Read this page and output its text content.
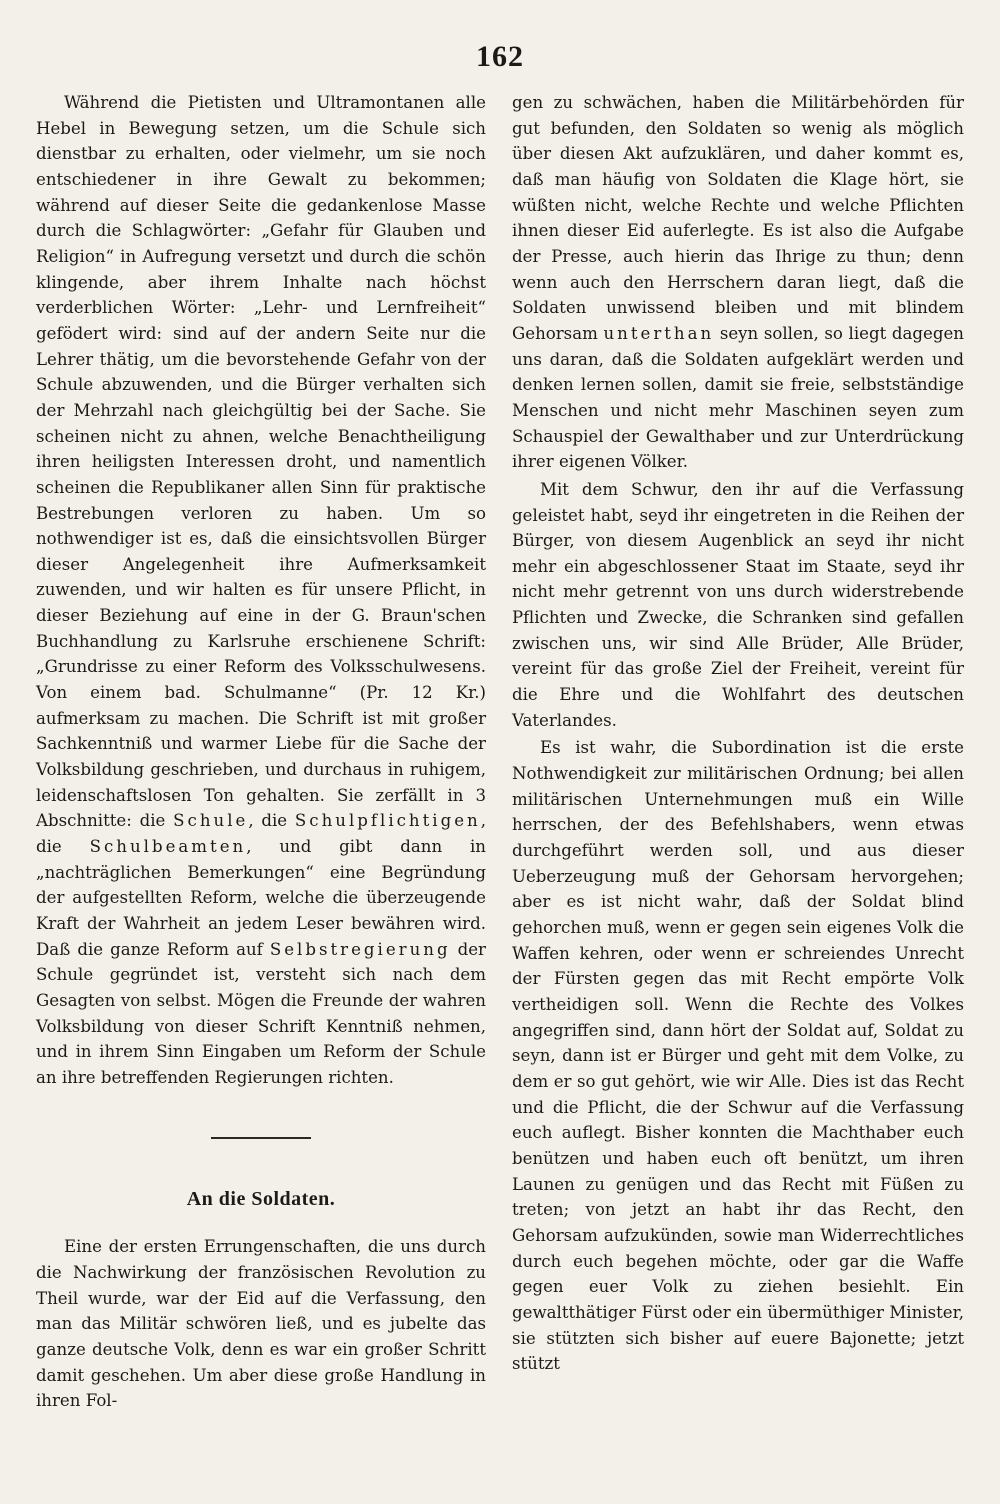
162

Während die Pietisten und Ultramontanen alle Hebel in Bewegung setzen, um die Schule sich dienstbar zu erhalten, oder vielmehr, um sie noch entschiedener in ihre Gewalt zu bekommen; während auf dieser Seite die gedankenlose Masse durch die Schlagwörter: „Gefahr für Glauben und Religion“ in Aufregung versetzt und durch die schön klingende, aber ihrem Inhalte nach höchst verderblichen Wörter: „Lehr- und Lernfreiheit“ gefödert wird: sind auf der andern Seite nur die Lehrer thätig, um die bevorstehende Gefahr von der Schule abzuwenden, und die Bürger verhalten sich der Mehrzahl nach gleichgültig bei der Sache. Sie scheinen nicht zu ahnen, welche Benachtheiligung ihren heiligsten Interessen droht, und namentlich scheinen die Republikaner allen Sinn für praktische Bestrebungen verloren zu haben. Um so nothwendiger ist es, daß die einsichtsvollen Bürger dieser Angelegenheit ihre Aufmerksamkeit zuwenden, und wir halten es für unsere Pflicht, in dieser Beziehung auf eine in der G. Braun'schen Buchhandlung zu Karlsruhe erschienene Schrift: „Grundrisse zu einer Reform des Volksschulwesens. Von einem bad. Schulmanne“ (Pr. 12 Kr.) aufmerksam zu machen. Die Schrift ist mit großer Sachkenntniß und warmer Liebe für die Sache der Volksbildung geschrieben, und durchaus in ruhigem, leidenschaftslosen Ton gehalten. Sie zerfällt in 3 Abschnitte: die Schule, die Schulpflichtigen, die Schulbeamten, und gibt dann in „nachträglichen Bemerkungen“ eine Begründung der aufgestellten Reform, welche die überzeugende Kraft der Wahrheit an jedem Leser bewähren wird. Daß die ganze Reform auf Selbstregierung der Schule gegründet ist, versteht sich nach dem Gesagten von selbst. Mögen die Freunde der wahren Volksbildung von dieser Schrift Kenntniß nehmen, und in ihrem Sinn Eingaben um Reform der Schule an ihre betreffenden Regierungen richten.

An die Soldaten.

Eine der ersten Errungenschaften, die uns durch die Nachwirkung der französischen Revolution zu Theil wurde, war der Eid auf die Verfassung, den man das Militär schwören ließ, und es jubelte das ganze deutsche Volk, denn es war ein großer Schritt damit geschehen. Um aber diese große Handlung in ihren Fol-

gen zu schwächen, haben die Militärbehörden für gut befunden, den Soldaten so wenig als möglich über diesen Akt aufzuklären, und daher kommt es, daß man häufig von Soldaten die Klage hört, sie wüßten nicht, welche Rechte und welche Pflichten ihnen dieser Eid auferlegte. Es ist also die Aufgabe der Presse, auch hierin das Ihrige zu thun; denn wenn auch den Herrschern daran liegt, daß die Soldaten unwissend bleiben und mit blindem Gehorsam unterthan seyn sollen, so liegt dagegen uns daran, daß die Soldaten aufgeklärt werden und denken lernen sollen, damit sie freie, selbstständige Menschen und nicht mehr Maschinen seyen zum Schauspiel der Gewalthaber und zur Unterdrückung ihrer eigenen Völker.

Mit dem Schwur, den ihr auf die Verfassung geleistet habt, seyd ihr eingetreten in die Reihen der Bürger, von diesem Augenblick an seyd ihr nicht mehr ein abgeschlossener Staat im Staate, seyd ihr nicht mehr getrennt von uns durch widerstrebende Pflichten und Zwecke, die Schranken sind gefallen zwischen uns, wir sind Alle Brüder, Alle Brüder, vereint für das große Ziel der Freiheit, vereint für die Ehre und die Wohlfahrt des deutschen Vaterlandes.

Es ist wahr, die Subordination ist die erste Nothwendigkeit zur militärischen Ordnung; bei allen militärischen Unternehmungen muß ein Wille herrschen, der des Befehlshabers, wenn etwas durchgeführt werden soll, und aus dieser Ueberzeugung muß der Gehorsam hervorgehen; aber es ist nicht wahr, daß der Soldat blind gehorchen muß, wenn er gegen sein eigenes Volk die Waffen kehren, oder wenn er schreiendes Unrecht der Fürsten gegen das mit Recht empörte Volk vertheidigen soll. Wenn die Rechte des Volkes angegriffen sind, dann hört der Soldat auf, Soldat zu seyn, dann ist er Bürger und geht mit dem Volke, zu dem er so gut gehört, wie wir Alle. Dies ist das Recht und die Pflicht, die der Schwur auf die Verfassung euch auflegt. Bisher konnten die Machthaber euch benützen und haben euch oft benützt, um ihren Launen zu genügen und das Recht mit Füßen zu treten; von jetzt an habt ihr das Recht, den Gehorsam aufzukünden, sowie man Widerrechtliches durch euch begehen möchte, oder gar die Waffe gegen euer Volk zu ziehen besiehlt. Ein gewaltthätiger Fürst oder ein übermüthiger Minister, sie stützten sich bisher auf euere Bajonette; jetzt stützt
